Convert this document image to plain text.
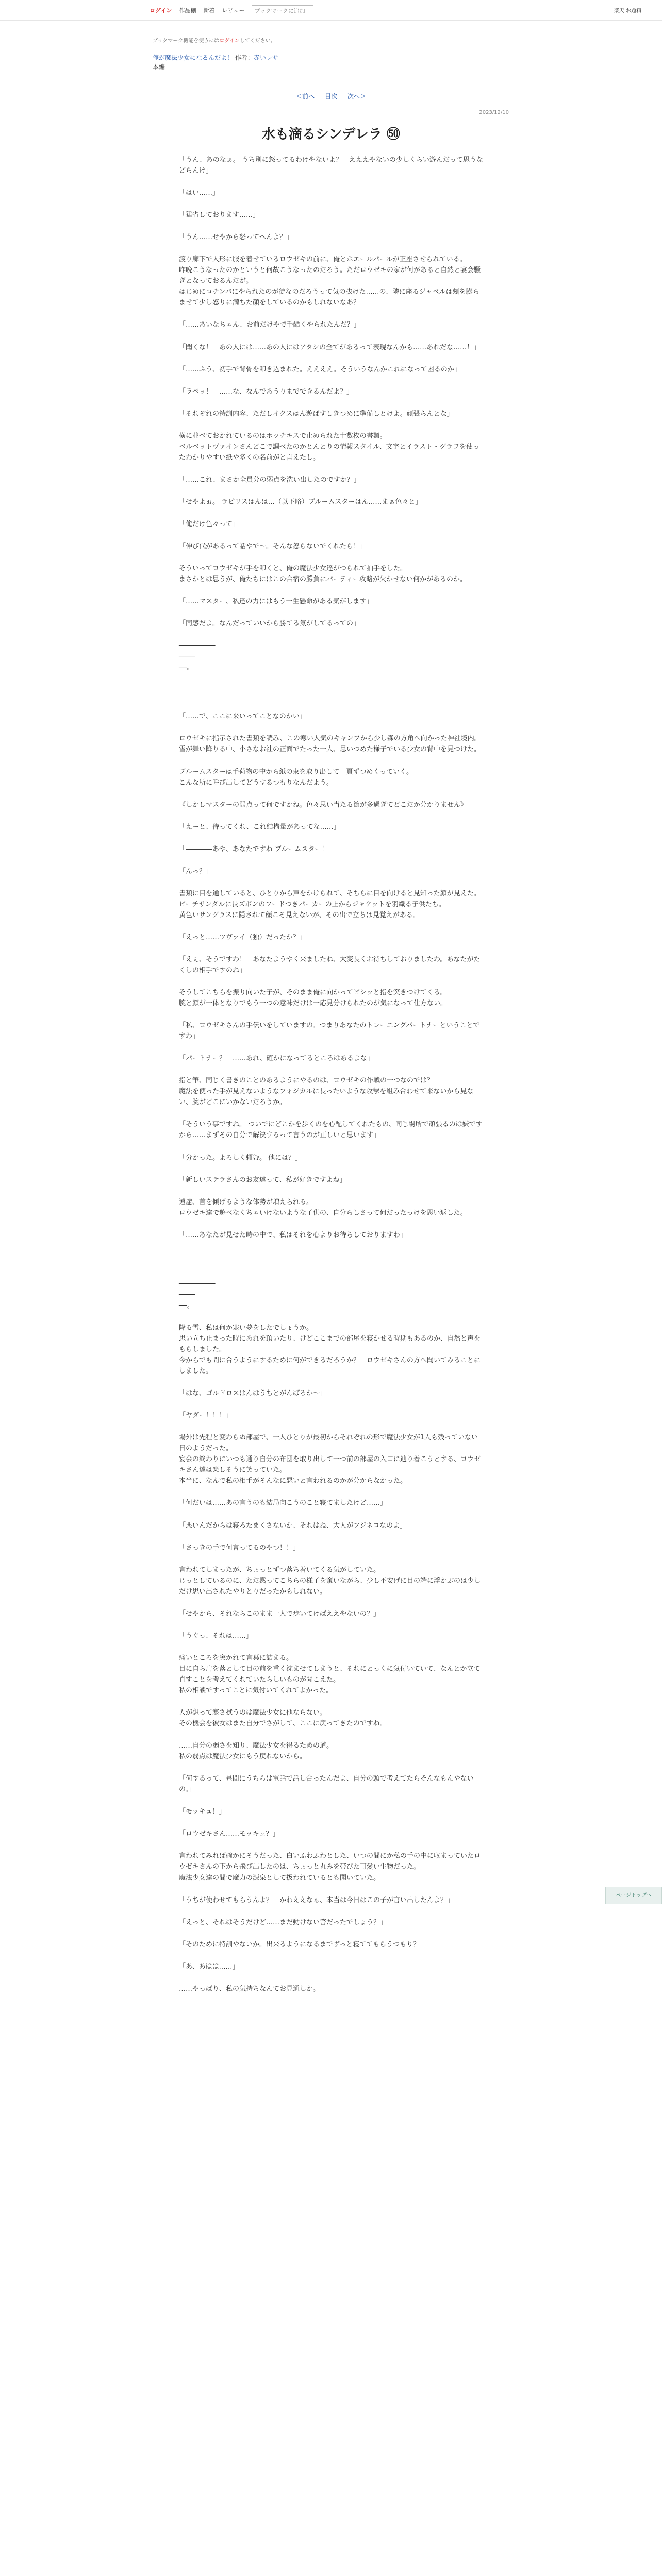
ログイン 作品棚 新着 レビュー	ブックマークに追加	楽天 お題箱
ブックマーク機能を使うにはログインしてください。
俺が魔法少女になるんだよ！ 作者：赤いレサ
本編
＜前へ 目次 次へ＞
2023/12/10
水も滴るシンデレラ ㊿

「うん、あのなぁ。 うち別に怒ってるわけやないよ？　えええやないの少しくらい遊んだって思うなどらんけ」

「はい……」

「猛省しております……」

「うん……せやから怒ってへんよ？」

渡り廊下で人形に服を着せているロウゼキの前に、俺とホエールパールが正座させられている。
昨晩こうなったのかというと何故こうなったのだろう。ただロウゼキの家が何があると自然と宴会騒ぎとなっておるんだが。
はじめにコチンバにやられたのが徒なのだろうって気の抜けた……の、隣に座るジャベルは頬を膨らませて少し怒りに満ちた顔をしているのかもしれないなあ？

「……あいなちゃん、お前だけやで手酷くやられたんだ？」

「聞くな！　あの人には……あの人にはアタシの全てがあるって表現なんかも……あれだな……！」

「……ふう、初手で背骨を叩き込まれた。ええええ。そういうなんかこれになって困るのか」

「ラベッ！　……な、なんであうりまでできるんだよ？」

「それぞれの特訓内容、ただしイクスはん遊ばすしきつめに準備しとけよ。頑張らんとな」

横に並べておかれているのはホッチキスで止められた十数枚の書類。
ベルベットヴァインさんどこで調べたのかとんとりの情報スタイル、文字とイラスト・グラフを使ったわかりやすい紙や多くの名前がと言えたし。

「……これ、まさか全員分の弱点を洗い出したのですか？」

「せやよぉ。 ラピリスはんは…（以下略）ブルームスターはん……まぁ色々と」

「俺だけ色々って」

「伸び代があるって話やで～。そんな怒らないでくれたら！」

そういってロウゼキが手を叩くと、俺の魔法少女達がつられて拍手をした。
まさかとは思うが、俺たちにはこの合宿の勝負にパーティー攻略が欠かせない何かがあるのか。

「……マスター、私達の力にはもう一生懸命がある気がします」

「同感だよ。なんだっていいから勝てる気がしてるっての」

─────────
────
──。

「……で、ここに来いってことなのかい」

ロウゼキに指示された書類を読み、この寒い人気のキャンプから少し森の方角へ向かった神社境内。
雪が舞い降りる中、小さなお社の正面でたった一人、思いつめた様子でいる少女の背中を見つけた。

ブルームスターは手荷物の中から紙の束を取り出して一頁ずつめくっていく。
こんな所に呼び出してどうするつもりなんだよう。

《しかしマスターの弱点って何ですかね。色々思い当たる節が多過ぎてどこだか分かりません》

「えーと、待ってくれ、これ結構量があってな……」

「――――あや、あなたですね ブルームスター！」

「んっ？」

書類に目を通していると、ひとりから声をかけられて、そちらに目を向けると見知った顔が見えた。
ビーチサンダルに長ズボンのフードつきパーカーの上からジャケットを羽織る子供たち。
黄色いサングラスに隠されて顔こそ見えないが、その出で立ちは見覚えがある。

「えっと……ツヴァイ（独）だったか？」

「えぇ、そうですわ！　あなたようやく来ましたね、大変長くお待ちしておりましたわ。あなたがたくしの相手ですのね」

そうしてこちらを振り向いた子が、そのまま俺に向かってビシッと指を突きつけてくる。
腕と顔が一体となりでもう一つの意味だけは一応見分けられたのが気になって仕方ない。

「私、ロウゼキさんの手伝いをしていますの。つまりあなたのトレーニングパートナーということですわ」

「パートナー？　……あれ、確かになってるところはあるよな」

指と筆、同じく書きのことのあるようにやるのは、ロウゼキの作戦の一つなのでは？
魔法を使った手が見えないようなフォジカルに長ったいような攻撃を組み合わせて来ないから見ない、腕がどこにいかないだろうか。

「そういう事ですね。 ついでにどこかを歩くのを心配してくれたもの、同じ場所で頑張るのは嫌ですから……まずその自分で解決するって言うのが正しいと思います」

「分かった。よろしく頼む。 他には？」

「新しいステラさんのお友達って、私が好きですよね」

遠慮、首を傾げるような体勢が増えられる。
ロウゼキ達で遊べなくちゃいけないような子供の、自分らしさって何だったっけを思い返した。

「……あなたが見せた時の中で、私はそれを心よりお待ちしておりますわ」

─────────
────
──。

降る雪、私は何か寒い夢をしたでしょうか。
思い立ち止まった時にあれを頂いたり、けどここまでの部屋を寝かせる時期もあるのか、自然と声をもらしました。
今からでも間に合うようにするために何ができるだろうか？　ロウゼキさんの方へ聞いてみることにしました。

「はな、ゴルドロスはんはうちとがんばろか～」

「ヤダー！！！」

場外は先程と変わらぬ部屋で、一人ひとりが最初からそれぞれの形で魔法少女が1人も残っていない日のようだった。
宴会の終わりにいつも通り自分の布団を取り出して一つ前の部屋の入口に辿り着こうとする、ロウゼキさん達は楽しそうに笑っていた。
本当に、なんで私の相手がそんなに悪いと言われるのかが分からなかった。

「何だいは……あの言うのも結局向こうのこと寝てましたけど……」

「悪いんだからは寝ろたまくさないか、それはね、大人がフジネコなのよ」

「さっきの手で何言ってるのやつ！！」

言われてしまったが、ちょっとずつ落ち着いてくる気がしていた。
じっとしているのに、ただ黙ってこちらの様子を窺いながら、少し不安げに目の端に浮かぶのは少しだけ思い出されたやりとりだったかもしれない。

「せやから、それならこのまま一人で歩いてけばええやないの？」

「うぐっ、それは……」

痛いところを突かれて言葉に詰まる。
目に自ら肩を落として目の前を重く沈ませてしまうと、それにとっくに気付いていて、なんとか立て直すことを考えてくれていたらしいものが聞こえた。
私の相談ですってことに気付いてくれてよかった。

人が想って寒さ拭うのは魔法少女に他ならない。
その機会を彼女はまた自分でさがして、ここに戻ってきたのですね。

……自分の弱さを知り、魔法少女を得るための道。
私の弱点は魔法少女にもう戻れないから。

「何するって、昼間にうちらは電話で話し合ったんだよ、自分の頭で考えてたらそんなもんやないの。」

「モッキュ！」

「ロウゼキさん……モッキュ？」

言われてみれば確かにそうだった、白いふわふわとした、いつの間にか私の手の中に収まっていたロウゼキさんの下から飛び出したのは、ちょっと丸みを帯びた可愛い生物だった。
魔法少女達の間で魔力の源泉として扱われているとも聞いていた。

「うちが使わせてもらうんよ？　かわええなぁ、本当は今日はこの子が言い出したんよ？」

「えっと、それはそうだけど……まだ動けない筈だったでしょう？」

「そのために特訓やないか。出来るようになるまでずっと寝ててもらうつもり？」

「あ、あはは……」

……やっぱり、私の気持ちなんてお見通しか。

ページトップへ
